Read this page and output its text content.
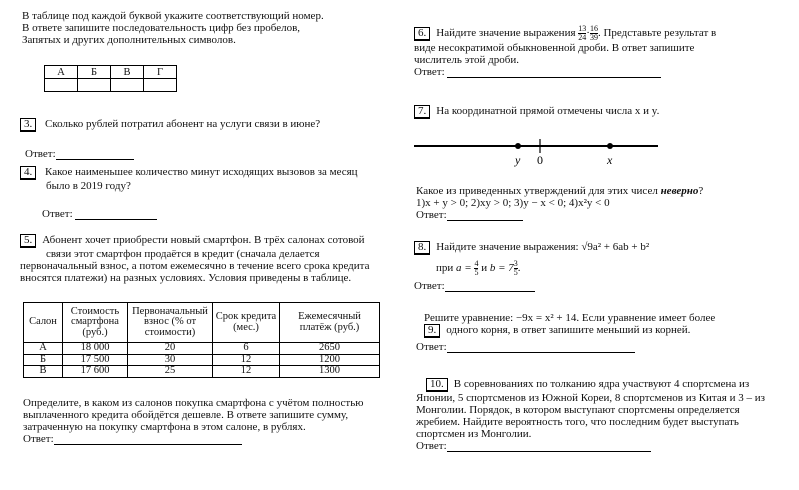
В таблице под каждой буквой укажите соответствующий номер.

В ответе запишите последовательность цифр без пробелов,

Запятых и других дополнительных символов.

А	Б	В	Г

3. Сколько рублей потратил абонент на услуги связи в июне?
Ответ:
4. Какое наименьшее количество минут исходящих вызовов за месяц

было в 2019 году?

Ответ:

5. Абонент хочет приобрести новый смартфон. В трёх салонах сотовой

связи этот смартфон продаётся в кредит (сначала делается

первоначальный взнос, а потом ежемесячно в течение всего срока кредита

вносятся платежи) на разных условиях. Условия приведены в таблице.

Салон	Стоимость смартфона (руб.)	Первоначальный взнос (% от стоимости)	Срок кредита (мес.)	Ежемесячный платёж (руб.)
А	18 000	20	6	2650
Б	17 500	30	12	1200
В	17 600	25	12	1300

Определите, в каком из салонов покупка смартфона с учётом полностью

выплаченного кредита обойдётся дешевле. В ответе запишите сумму,

затраченную на покупку смартфона в этом салоне, в рублях.

Ответ:

6. Найдите значение выражения $\frac{13}{24} \cdot \frac{16}{39}$ . Представьте результат в

виде несократимой обыкновенной дроби. В ответ запишите

числитель этой дроби.

Ответ:

7. На координатной прямой отмечены числа x и y.
y 0	x

Какое из приведенных утверждений для этих чисел неверно?

1)x + y > 0; 2)xy > 0; 3)y − x < 0; 4)x²y < 0

Ответ:

8. Найдите значение выражения: √9a² + 6ab + b²

при $a = \frac{4}{5}$ и $b = 7 \frac{3}{5}$ .

Ответ:

Решите уравнение: −9x = x² + 14. Если уравнение имеет более

9. одного корня, в ответ запишите меньший из корней.

Ответ:

10. В соревнованиях по толканию ядра участвуют 4 спортсмена из

Японии, 5 спортсменов из Южной Кореи, 8 спортсменов из Китая и 3 – из

Монголии. Порядок, в котором выступают спортсмены определяется

жребием. Найдите вероятность того, что последним будет выступать

спортсмен из Монголии.

Ответ:
